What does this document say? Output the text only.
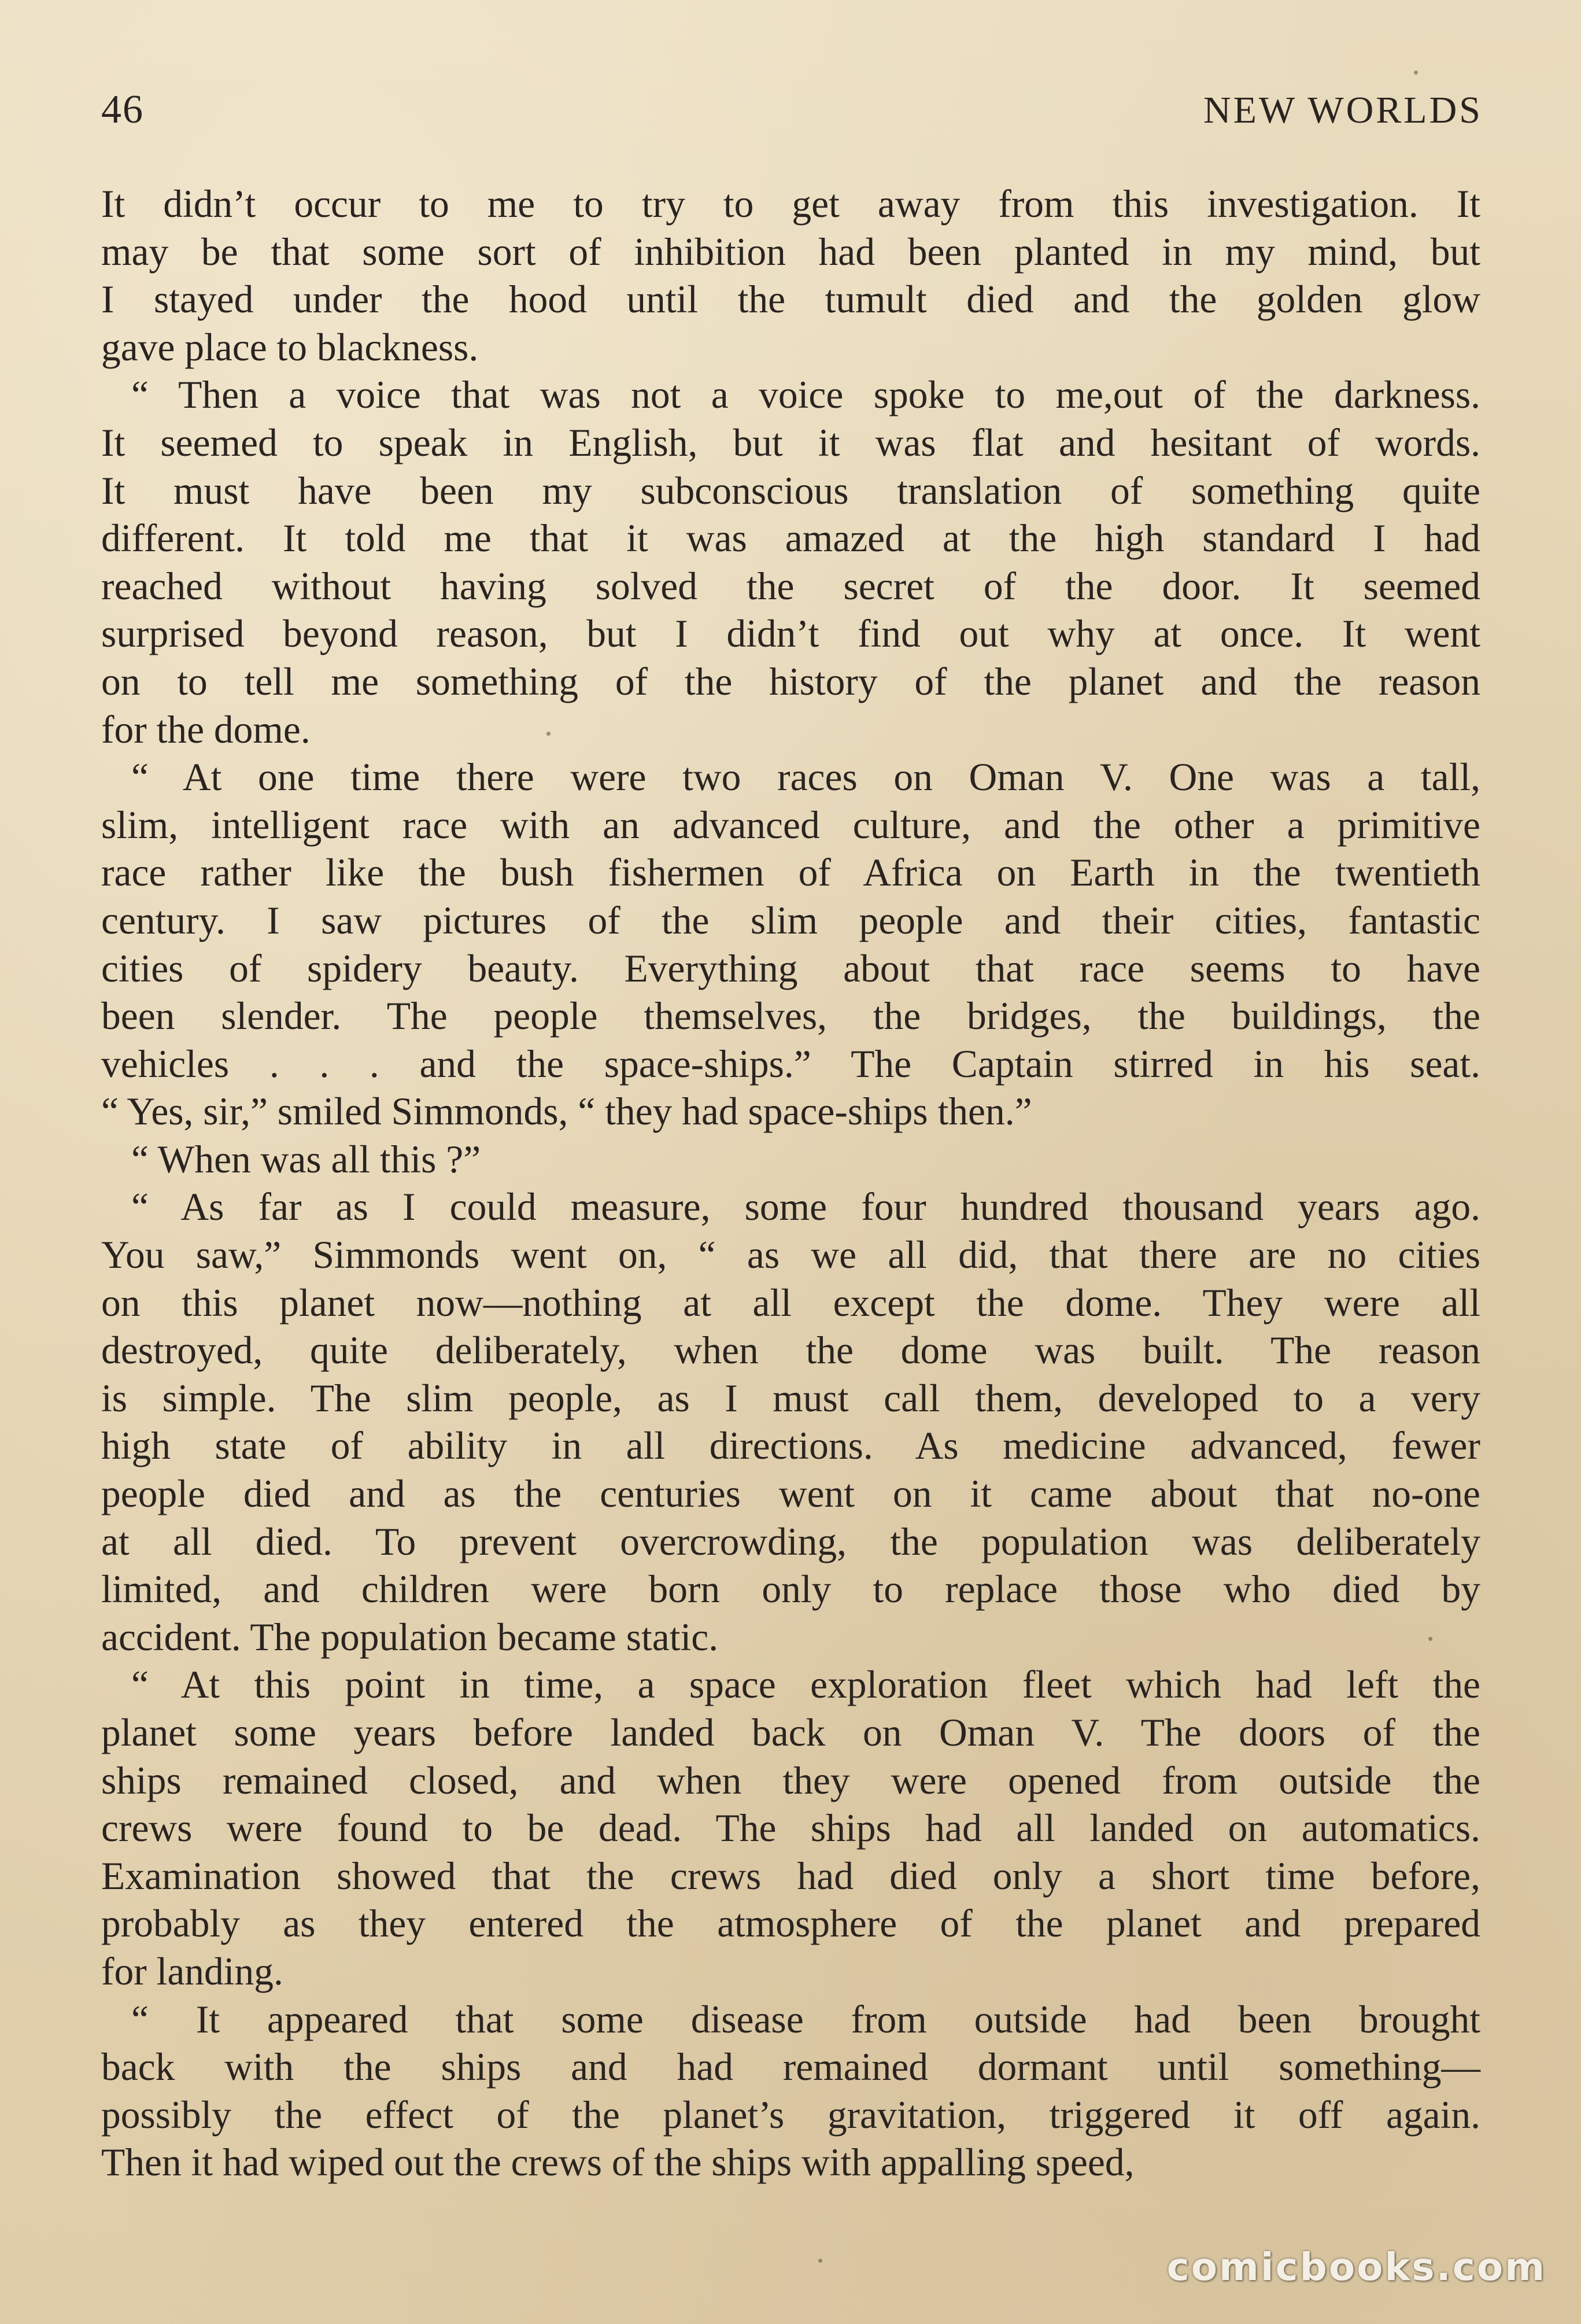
46	NEW WORLDS
It didn’t occur to me to try to get away from this investigation. It
may be that some sort of inhibition had been planted in my mind, but
I stayed under the hood until the tumult died and the golden glow
gave place to blackness.
“ Then a voice that was not a voice spoke to me,out of the darkness.
It seemed to speak in English, but it was flat and hesitant of words.
It must have been my subconscious translation of something quite
different. It told me that it was amazed at the high standard I had
reached without having solved the secret of the door. It seemed
surprised beyond reason, but I didn’t find out why at once. It went
on to tell me something of the history of the planet and the reason
for the dome.
“ At one time there were two races on Oman V. One was a tall,
slim, intelligent race with an advanced culture, and the other a primitive
race rather like the bush fishermen of Africa on Earth in the twentieth
century. I saw pictures of the slim people and their cities, fantastic
cities of spidery beauty. Everything about that race seems to have
been slender. The people themselves, the bridges, the buildings, the
vehicles . . . and the space-ships.” The Captain stirred in his seat.
“ Yes, sir,” smiled Simmonds, “ they had space-ships then.”
“ When was all this ?”
“ As far as I could measure, some four hundred thousand years ago.
You saw,” Simmonds went on, “ as we all did, that there are no cities
on this planet now—nothing at all except the dome. They were all
destroyed, quite deliberately, when the dome was built. The reason
is simple. The slim people, as I must call them, developed to a very
high state of ability in all directions. As medicine advanced, fewer
people died and as the centuries went on it came about that no-one
at all died. To prevent overcrowding, the population was deliberately
limited, and children were born only to replace those who died by
accident. The population became static.
“ At this point in time, a space exploration fleet which had left the
planet some years before landed back on Oman V. The doors of the
ships remained closed, and when they were opened from outside the
crews were found to be dead. The ships had all landed on automatics.
Examination showed that the crews had died only a short time before,
probably as they entered the atmosphere of the planet and prepared
for landing.
“ It appeared that some disease from outside had been brought
back with the ships and had remained dormant until something—
possibly the effect of the planet’s gravitation, triggered it off again.
Then it had wiped out the crews of the ships with appalling speed,
comicbooks.com
